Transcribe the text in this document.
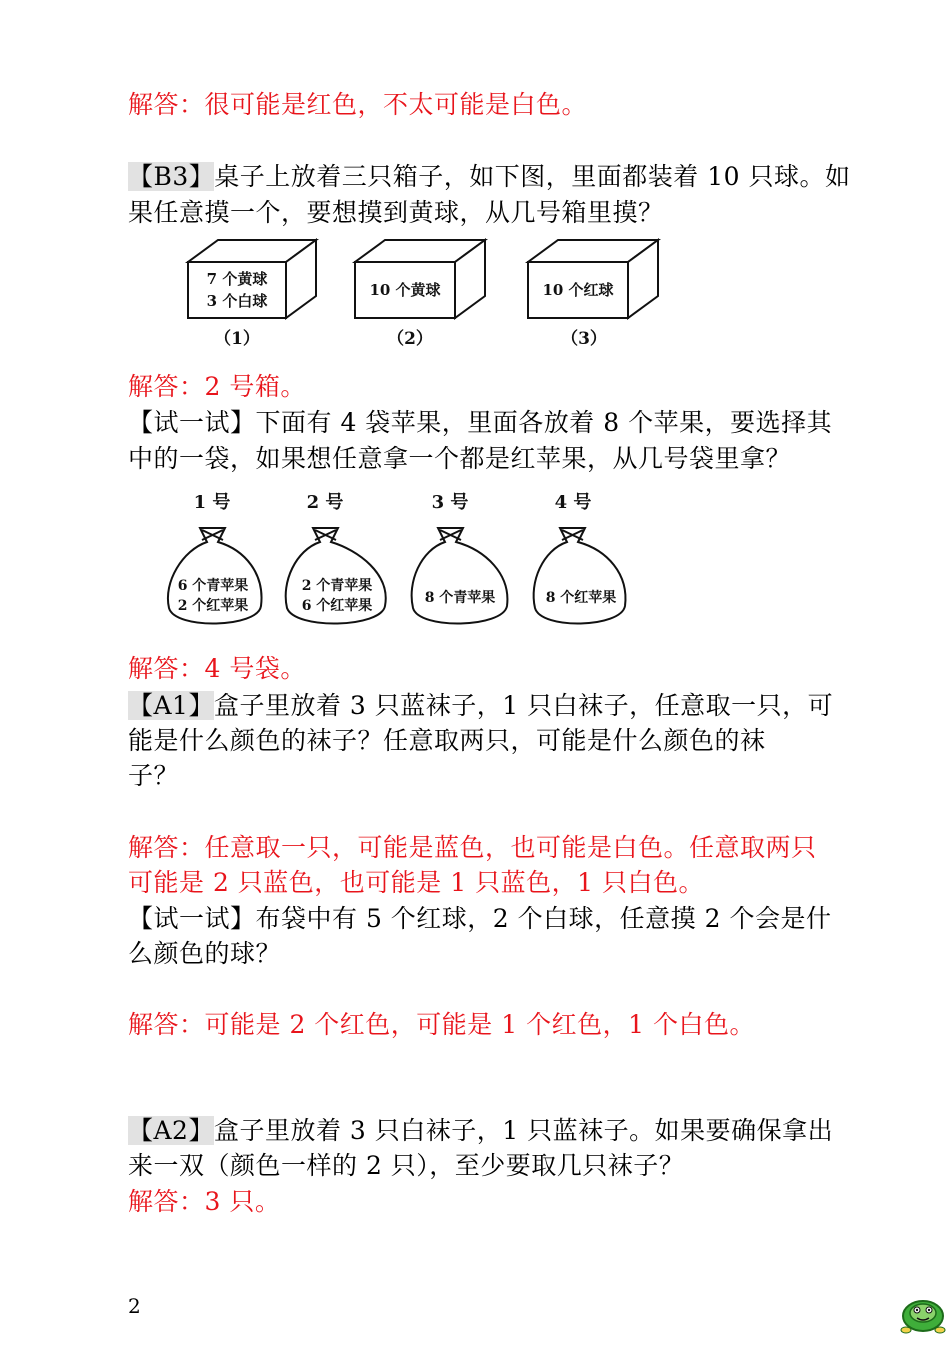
解答：很可能是红色，不太可能是白色。
【B3】桌子上放着三只箱子，如下图，里面都装着 10 只球。如
果任意摸一个，要想摸到黄球，从几号箱里摸？
7 个黄球
3 个白球
（1）
10 个黄球
（2）
10 个红球
（3）
解答：2 号箱。
【试一试】下面有 4 袋苹果，里面各放着 8 个苹果，要选择其
中的一袋，如果想任意拿一个都是红苹果，从几号袋里拿？
1 号
6 个青苹果
2 个红苹果
2 号
2 个青苹果
6 个红苹果
3 号
8 个青苹果
4 号
8 个红苹果
解答：4 号袋。
【A1】盒子里放着 3 只蓝袜子，1 只白袜子，任意取一只，可
能是什么颜色的袜子？任意取两只，可能是什么颜色的袜
子？
解答：任意取一只，可能是蓝色，也可能是白色。任意取两只
可能是 2 只蓝色，也可能是 1 只蓝色，1 只白色。
【试一试】布袋中有 5 个红球，2 个白球，任意摸 2 个会是什
么颜色的球？
解答：可能是 2 个红色，可能是 1 个红色，1 个白色。
【A2】盒子里放着 3 只白袜子，1 只蓝袜子。如果要确保拿出
来一双（颜色一样的 2 只），至少要取几只袜子？
解答：3 只。
2
